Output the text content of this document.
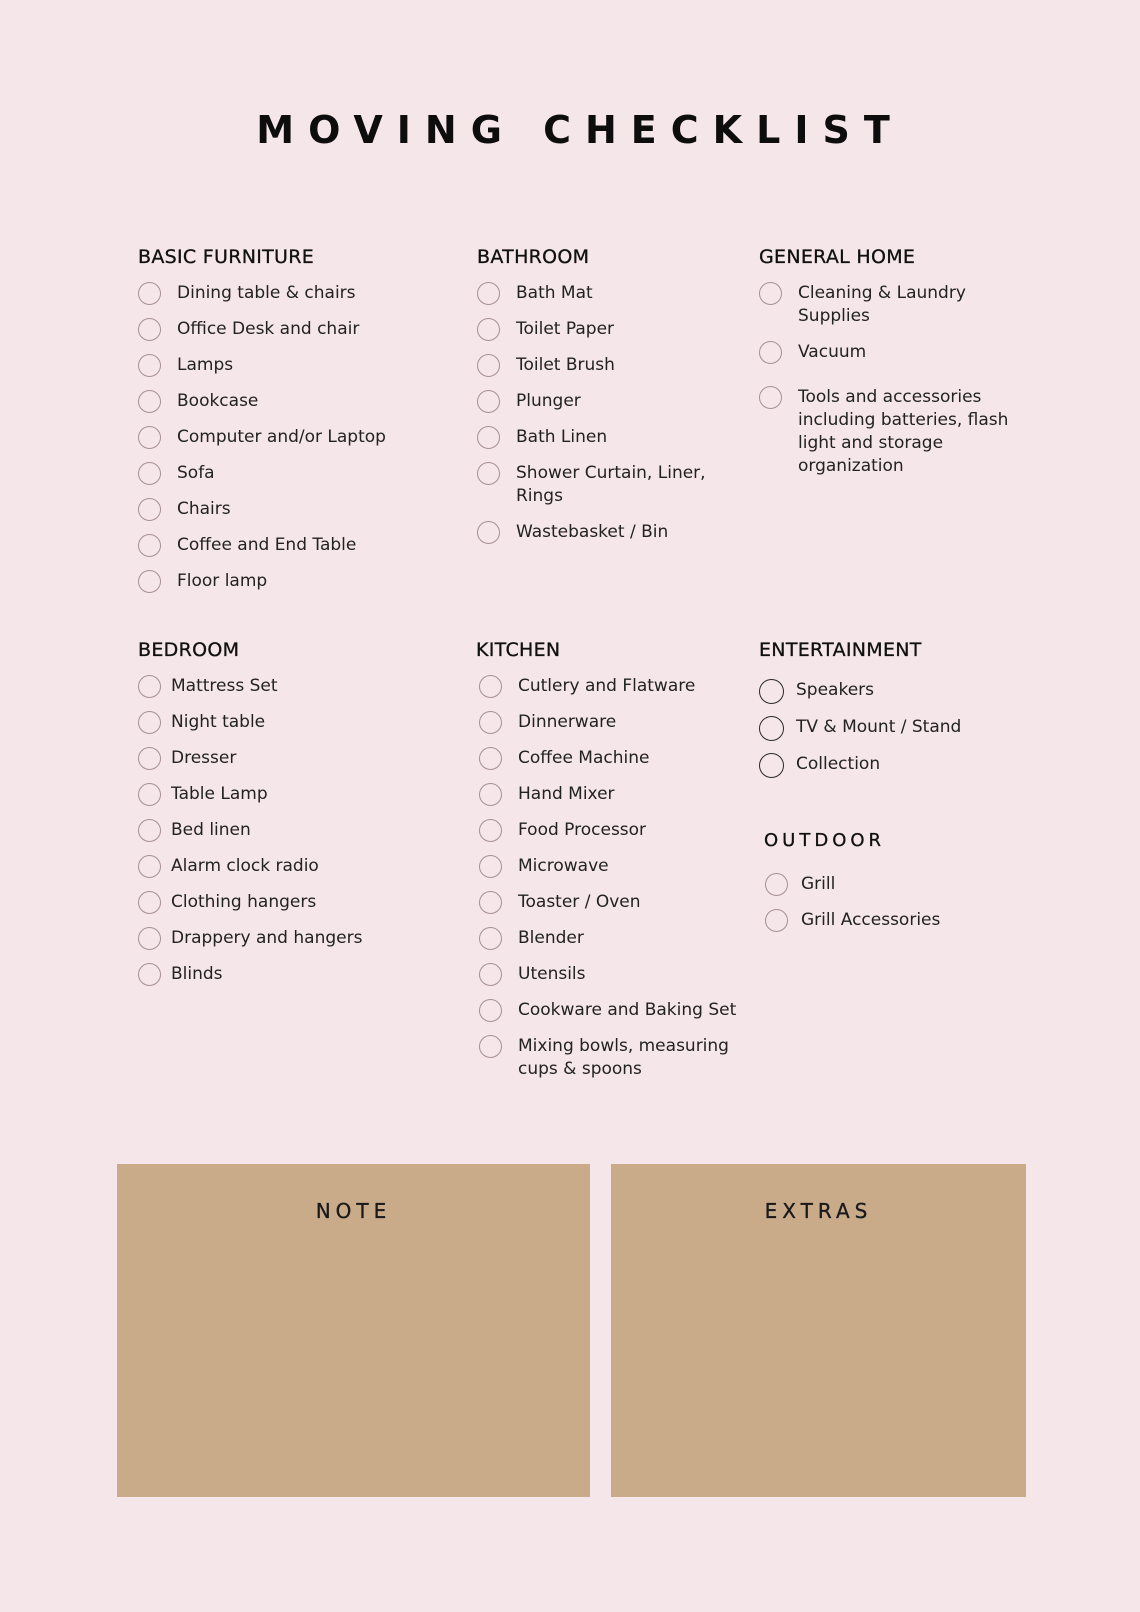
MOVING CHECKLIST
BASIC FURNITURE
Dining table & chairs
Office Desk and chair
Lamps
Bookcase
Computer and/or Laptop
Sofa
Chairs
Coffee and End Table
Floor lamp
BATHROOM
Bath Mat
Toilet Paper
Toilet Brush
Plunger
Bath Linen
Shower Curtain, Liner, Rings
Wastebasket / Bin
GENERAL HOME
Cleaning & Laundry Supplies
Vacuum
Tools and accessories including batteries, flash light and storage organization
BEDROOM
Mattress Set
Night table
Dresser
Table Lamp
Bed linen
Alarm clock radio
Clothing hangers
Drappery and hangers
Blinds
KITCHEN
Cutlery and Flatware
Dinnerware
Coffee Machine
Hand Mixer
Food Processor
Microwave
Toaster / Oven
Blender
Utensils
Cookware and Baking Set
Mixing bowls, measuring cups & spoons
ENTERTAINMENT
Speakers
TV & Mount / Stand
Collection
OUTDOOR
Grill
Grill Accessories
NOTE	EXTRAS
